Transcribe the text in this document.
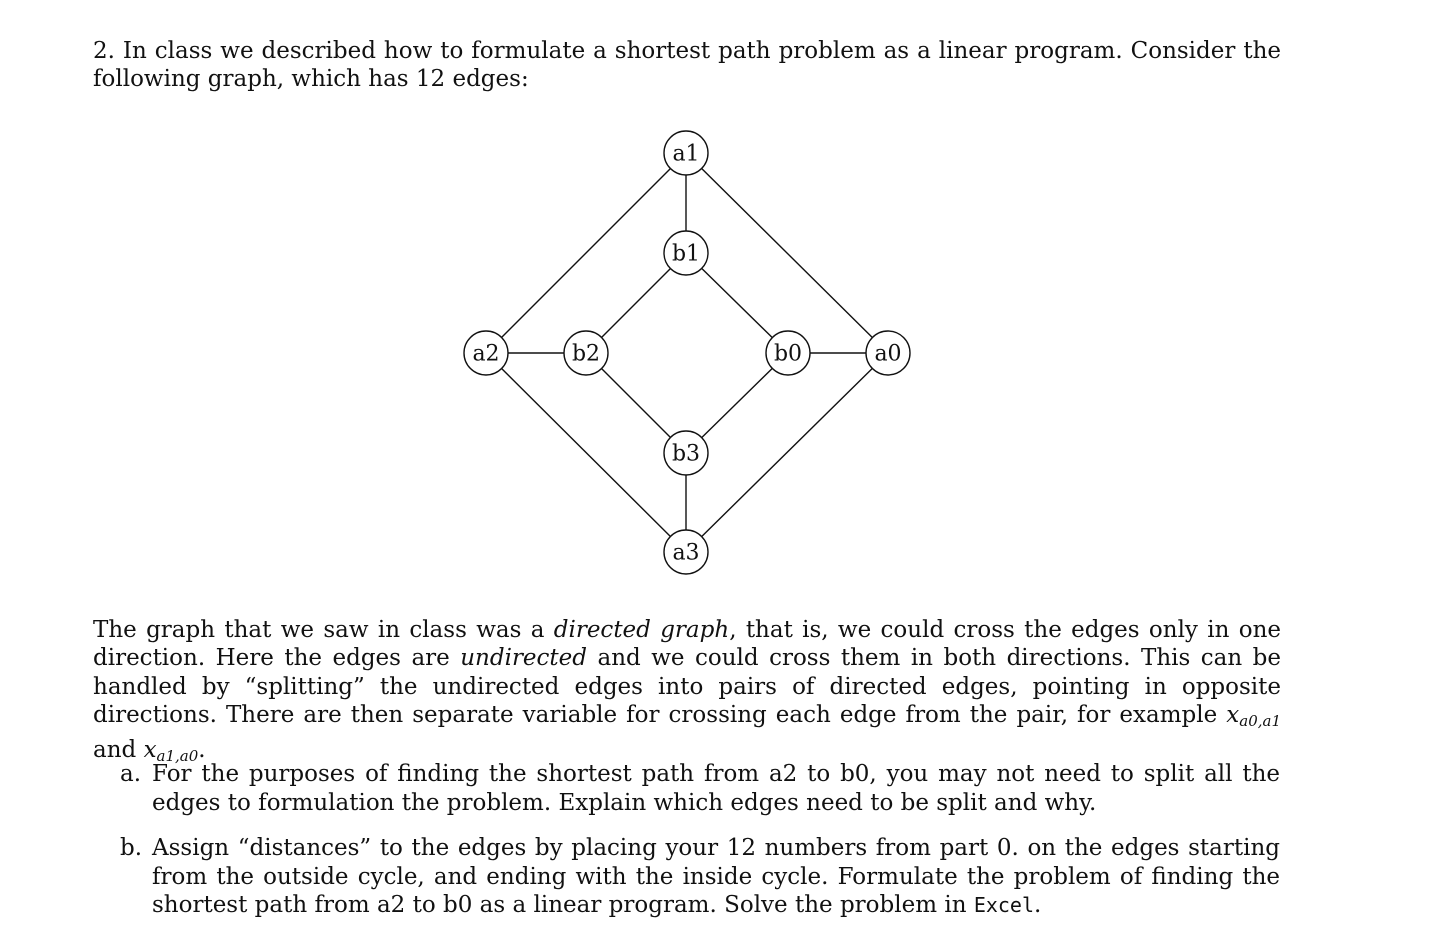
2. In class we described how to formulate a shortest path problem as a linear program. Consider the following graph, which has 12 edges:
a1
b1
a2	b2	b0	a0
b3
a3
The graph that we saw in class was a directed graph, that is, we could cross the edges only in one direction. Here the edges are undirected and we could cross them in both directions. This can be handled by “splitting” the undirected edges into pairs of directed edges, pointing in opposite directions. There are then separate variable for crossing each edge from the pair, for example $x_{a0,a1}$ and $x_{a1,a0}$.
a. For the purposes of finding the shortest path from a2 to b0, you may not need to split all the edges to formulation the problem. Explain which edges need to be split and why.
b. Assign “distances” to the edges by placing your 12 numbers from part 0. on the edges starting from the outside cycle, and ending with the inside cycle. Formulate the problem of finding the shortest path from a2 to b0 as a linear program. Solve the problem in Excel.
